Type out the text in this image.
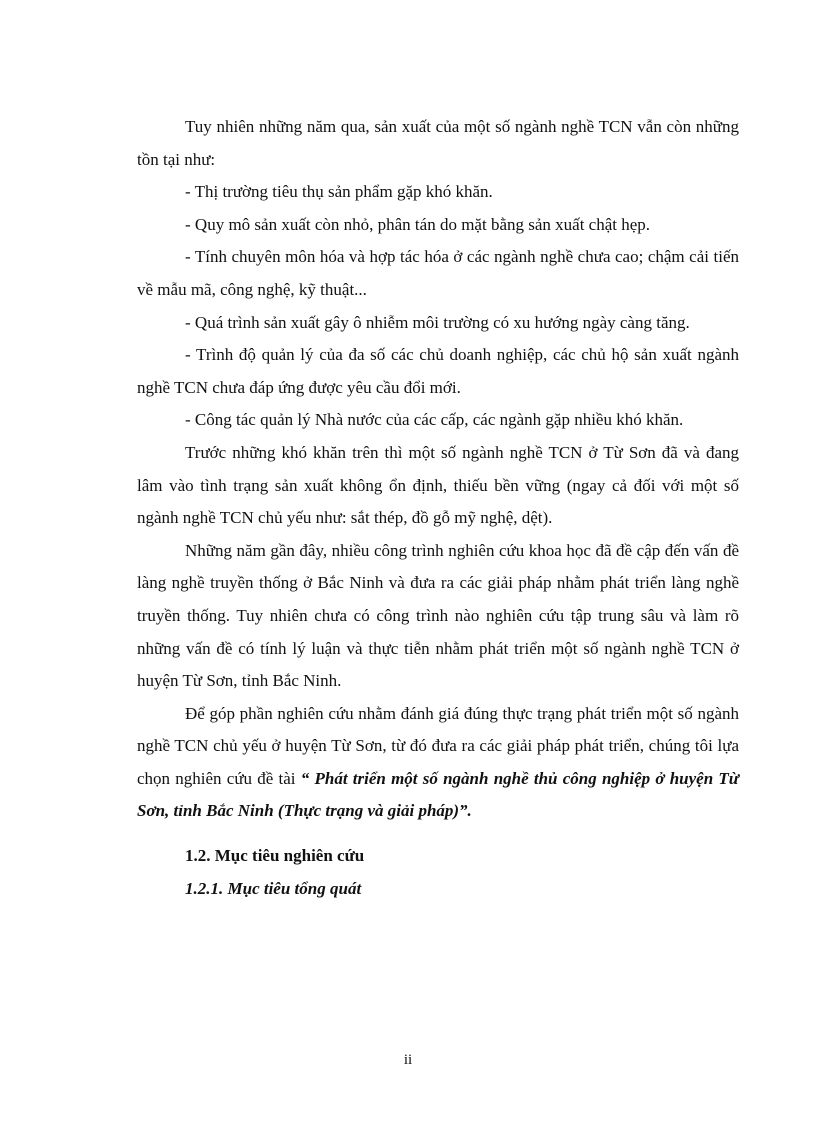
Tuy nhiên những năm qua, sản xuất của một số ngành nghề TCN vẫn còn những tồn tại như:

- Thị trường tiêu thụ sản phẩm gặp khó khăn.

- Quy mô sản xuất còn nhỏ, phân tán do mặt bằng sản xuất chật hẹp.

- Tính chuyên môn hóa và hợp tác hóa ở các ngành nghề chưa cao; chậm cải tiến về mẫu mã, công nghệ, kỹ thuật...

- Quá trình sản xuất gây ô nhiễm môi trường có xu hướng ngày càng tăng.

- Trình độ quản lý của đa số các chủ doanh nghiệp, các chủ hộ sản xuất ngành nghề TCN chưa đáp ứng được yêu cầu đổi mới.

- Công tác quản lý Nhà nước của các cấp, các ngành gặp nhiều khó khăn.

Trước những khó khăn trên thì một số ngành nghề TCN ở Từ Sơn đã và đang lâm vào tình trạng sản xuất không ổn định, thiếu bền vững (ngay cả đối với một số ngành nghề TCN chủ yếu như: sắt thép, đồ gỗ mỹ nghệ, dệt).

Những năm gần đây, nhiều công trình nghiên cứu khoa học đã đề cập đến vấn đề làng nghề truyền thống ở Bắc Ninh và đưa ra các giải pháp nhằm phát triển làng nghề truyền thống. Tuy nhiên chưa có công trình nào nghiên cứu tập trung sâu và làm rõ những vấn đề có tính lý luận và thực tiễn nhằm phát triển một số ngành nghề TCN ở huyện Từ Sơn, tỉnh Bắc Ninh.

Để góp phần nghiên cứu nhằm đánh giá đúng thực trạng phát triển một số ngành nghề TCN chủ yếu ở huyện Từ Sơn, từ đó đưa ra các giải pháp phát triển, chúng tôi lựa chọn nghiên cứu đề tài “ Phát triển một số ngành nghề thủ công nghiệp ở huyện Từ Sơn, tỉnh Bắc Ninh (Thực trạng và giải pháp)”.

1.2. Mục tiêu nghiên cứu

1.2.1. Mục tiêu tổng quát

ii
